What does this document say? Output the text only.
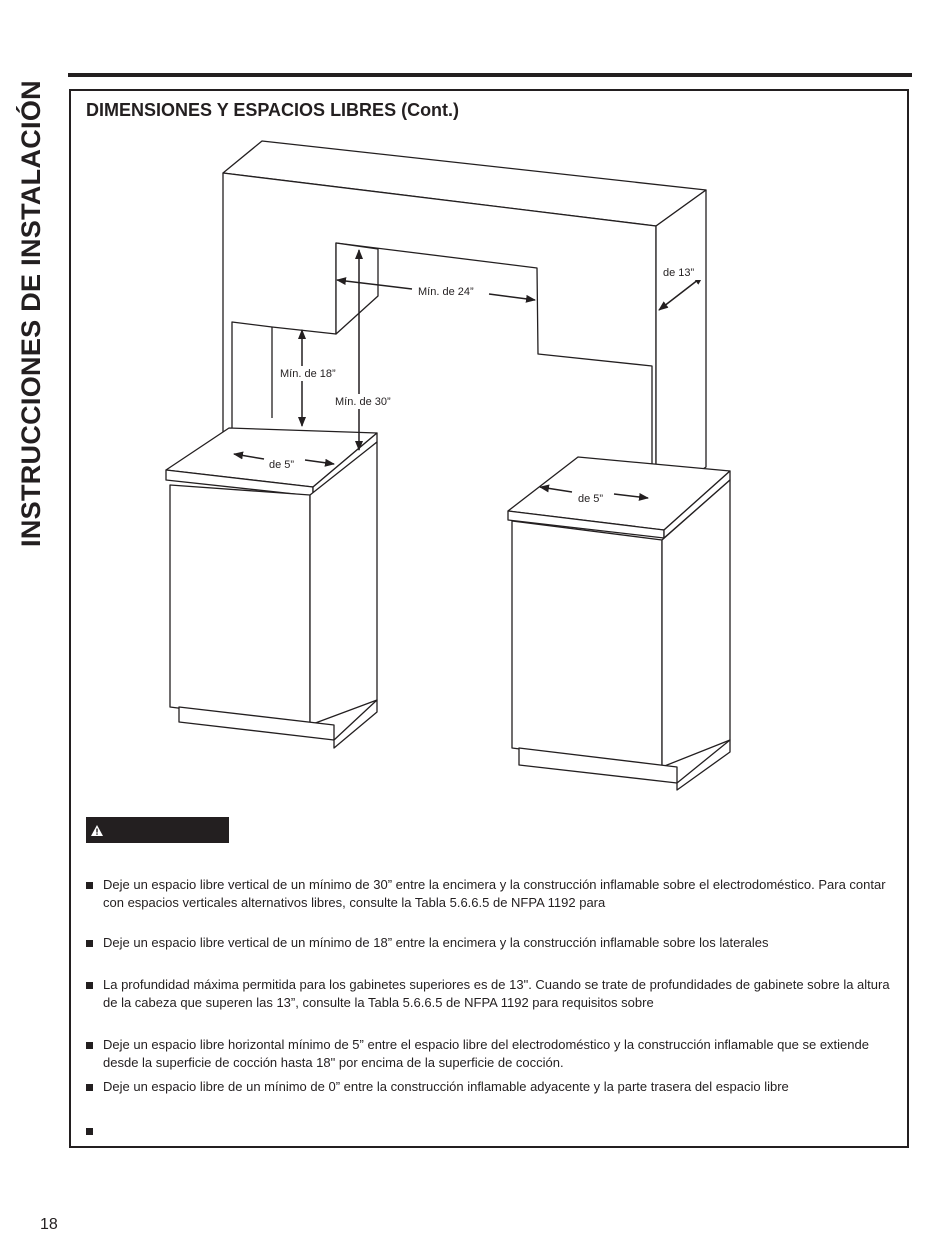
INSTRUCCIONES DE INSTALACIÓN DIMENSIONES Y ESPACIOS LIBRES (Cont.)
Mín. de 24”
de 13”
Mín. de 18”
Mín. de 30”
de 5”
de 5”
Deje un espacio libre vertical de un mínimo de 30” entre la encimera y la construcción inflamable sobre el electrodoméstico. Para contar con espacios verticales alternativos libres, consulte la Tabla 5.6.6.5 de NFPA 1192 para
Deje un espacio libre vertical de un mínimo de 18” entre la encimera y la construcción inflamable sobre los laterales
La profundidad máxima permitida para los gabinetes superiores es de 13". Cuando se trate de profundidades de gabinete sobre la altura de la cabeza que superen las 13”, consulte la Tabla 5.6.6.5 de NFPA 1192 para requisitos sobre
Deje un espacio libre horizontal mínimo de 5” entre el espacio libre del electrodoméstico y la construcción inflamable que se extiende desde la superficie de cocción hasta 18" por encima de la superficie de cocción.
Deje un espacio libre de un mínimo de 0” entre la construcción inflamable adyacente y la parte trasera del espacio libre
18
